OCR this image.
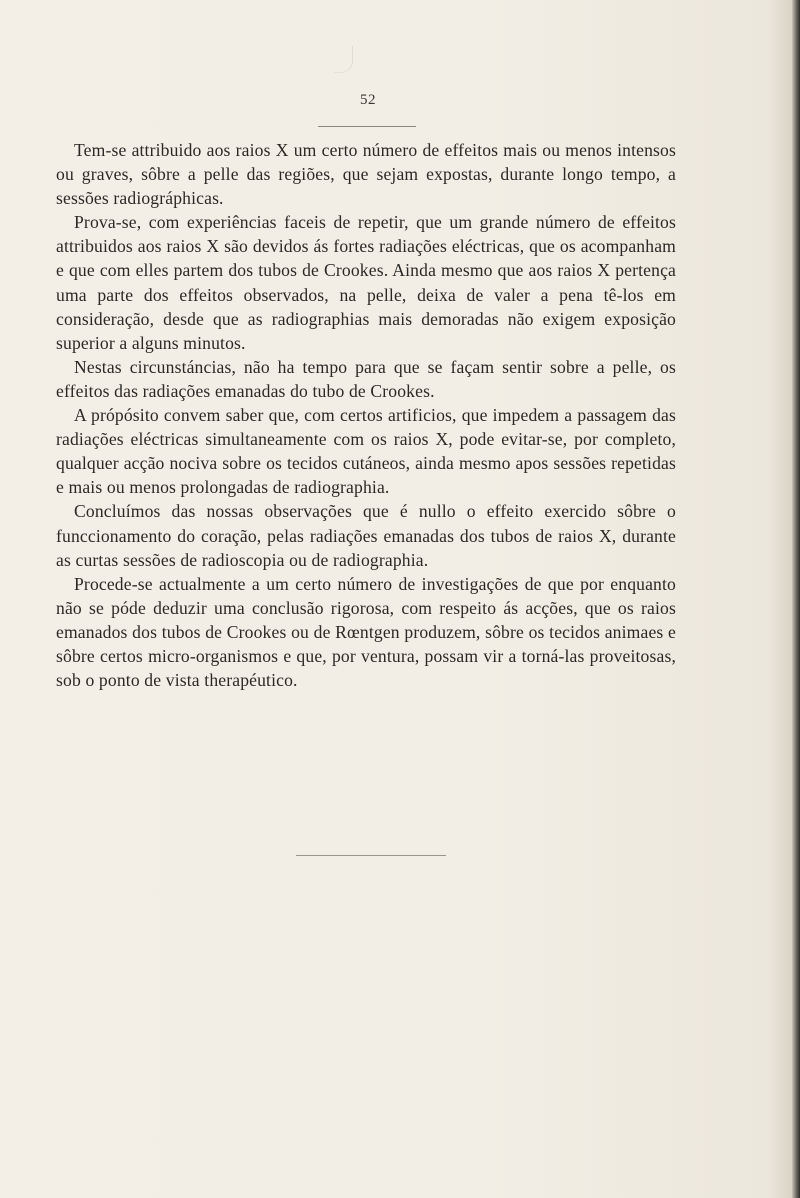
52

Tem-se attribuido aos raios X um certo número de effeitos mais ou menos intensos ou graves, sôbre a pelle das regiões, que sejam expostas, durante longo tempo, a sessões radiográphicas.

Prova-se, com experiências faceis de repetir, que um grande número de effeitos attribuidos aos raios X são devidos ás fortes radiações eléctricas, que os acompanham e que com elles partem dos tubos de Crookes. Ainda mesmo que aos raios X pertença uma parte dos effeitos observados, na pelle, deixa de valer a pena tê-los em consideração, desde que as radiographias mais demoradas não exigem exposição superior a alguns minutos.

Nestas circunstáncias, não ha tempo para que se façam sentir sobre a pelle, os effeitos das radiações emanadas do tubo de Crookes.

A própósito convem saber que, com certos artificios, que impedem a passagem das radiações eléctricas simultaneamente com os raios X, pode evitar-se, por completo, qualquer acção nociva sobre os tecidos cutáneos, ainda mesmo apos sessões repetidas e mais ou menos prolongadas de radiographia.

Concluímos das nossas observações que é nullo o effeito exercido sôbre o funccionamento do coração, pelas radiações emanadas dos tubos de raios X, durante as curtas sessões de radioscopia ou de radiographia.

Procede-se actualmente a um certo número de investigações de que por enquanto não se póde deduzir uma conclusão rigorosa, com respeito ás acções, que os raios emanados dos tubos de Crookes ou de Rœntgen produzem, sôbre os tecidos animaes e sôbre certos micro-organismos e que, por ventura, possam vir a torná-las proveitosas, sob o ponto de vista therapéutico.
